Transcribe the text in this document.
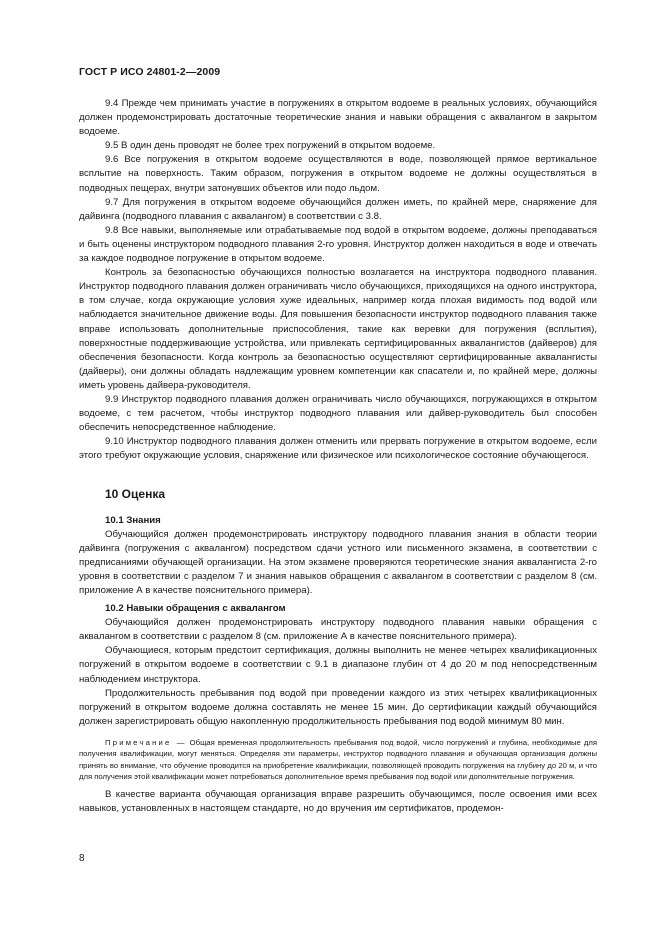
ГОСТ Р ИСО 24801-2—2009

9.4 Прежде чем принимать участие в погружениях в открытом водоеме в реальных условиях, обучающийся должен продемонстрировать достаточные теоретические знания и навыки обращения с аквалангом в закрытом водоеме.

9.5 В один день проводят не более трех погружений в открытом водоеме.

9.6 Все погружения в открытом водоеме осуществляются в воде, позволяющей прямое вертикальное всплытие на поверхность. Таким образом, погружения в открытом водоеме не должны осуществляться в подводных пещерах, внутри затонувших объектов или подо льдом.

9.7 Для погружения в открытом водоеме обучающийся должен иметь, по крайней мере, снаряжение для дайвинга (подводного плавания с аквалангом) в соответствии с 3.8.

9.8 Все навыки, выполняемые или отрабатываемые под водой в открытом водоеме, должны преподаваться и быть оценены инструктором подводного плавания 2-го уровня. Инструктор должен находиться в воде и отвечать за каждое подводное погружение в открытом водоеме.

Контроль за безопасностью обучающихся полностью возлагается на инструктора подводного плавания. Инструктор подводного плавания должен ограничивать число обучающихся, приходящихся на одного инструктора, в том случае, когда окружающие условия хуже идеальных, например когда плохая видимость под водой или наблюдается значительное движение воды. Для повышения безопасности инструктор подводного плавания также вправе использовать дополнительные приспособления, такие как веревки для погружения (всплытия), поверхностные поддерживающие устройства, или привлекать сертифицированных аквалангистов (дайверов) для обеспечения безопасности. Когда контроль за безопасностью осуществляют сертифицированные аквалангисты (дайверы), они должны обладать надлежащим уровнем компетенции как спасатели и, по крайней мере, должны иметь уровень дайвера-руководителя.

9.9 Инструктор подводного плавания должен ограничивать число обучающихся, погружающихся в открытом водоеме, с тем расчетом, чтобы инструктор подводного плавания или дайвер-руководитель был способен обеспечить непосредственное наблюдение.

9.10 Инструктор подводного плавания должен отменить или прервать погружение в открытом водоеме, если этого требуют окружающие условия, снаряжение или физическое или психологическое состояние обучающегося.

10 Оценка

10.1 Знания

Обучающийся должен продемонстрировать инструктору подводного плавания знания в области теории дайвинга (погружения с аквалангом) посредством сдачи устного или письменного экзамена, в соответствии с предписаниями обучающей организации. На этом экзамене проверяются теоретические знания аквалангиста 2-го уровня в соответствии с разделом 7 и знания навыков обращения с аквалангом в соответствии с разделом 8 (см. приложение А в качестве пояснительного примера).

10.2 Навыки обращения с аквалангом

Обучающийся должен продемонстрировать инструктору подводного плавания навыки обращения с аквалангом в соответствии с разделом 8 (см. приложение А в качестве пояснительного примера).

Обучающиеся, которым предстоит сертификация, должны выполнить не менее четырех квалификационных погружений в открытом водоеме в соответствии с 9.1 в диапазоне глубин от 4 до 20 м под непосредственным наблюдением инструктора.

Продолжительность пребывания под водой при проведении каждого из этих четырех квалификационных погружений в открытом водоеме должна составлять не менее 15 мин. До сертификации каждый обучающийся должен зарегистрировать общую накопленную продолжительность пребывания под водой минимум 80 мин.

Примечание — Общая временная продолжительность пребывания под водой, число погружений и глубина, необходимые для получения квалификации, могут меняться. Определяя эти параметры, инструктор подводного плавания и обучающая организация должны принять во внимание, что обучение проводится на приобретение квалификации, позволяющей проводить погружения на глубину до 20 м, и что для получения этой квалификации может потребоваться дополнительное время пребывания под водой или дополнительные погружения.

В качестве варианта обучающая организация вправе разрешить обучающимся, после освоения ими всех навыков, установленных в настоящем стандарте, но до вручения им сертификатов, продемон-

8
